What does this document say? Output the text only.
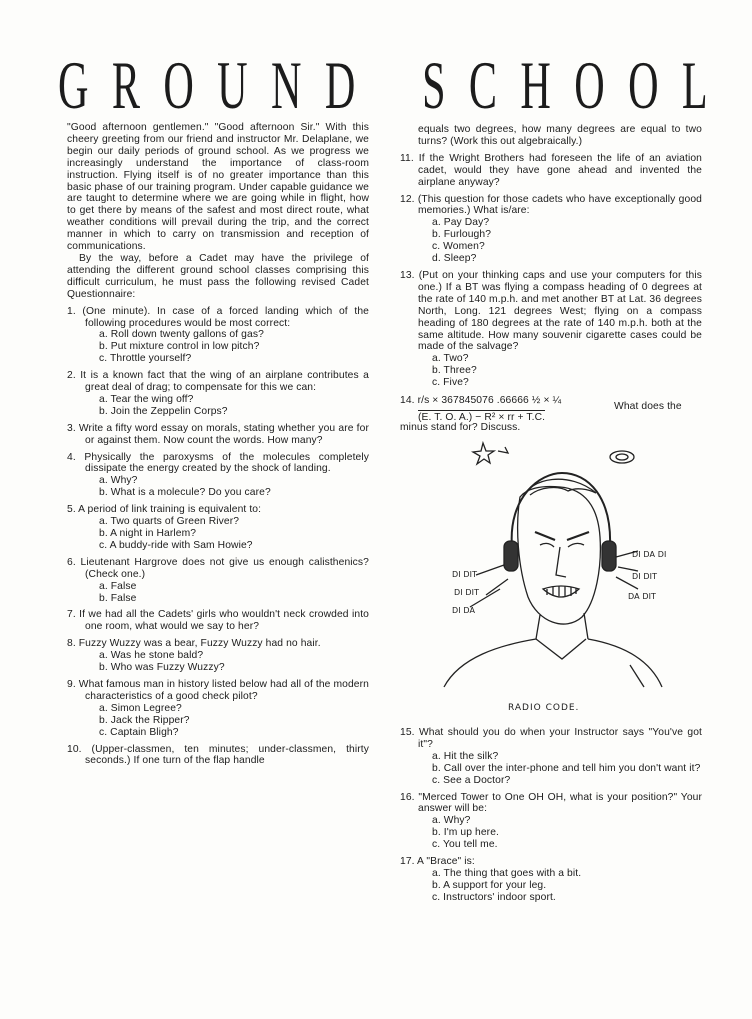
G R O U N D S C H O O L

"Good afternoon gentlemen." "Good afternoon Sir." With this cheery greeting from our friend and instructor Mr. Delaplane, we begin our daily periods of ground school. As we progress we increasingly understand the importance of class-room instruction. Flying itself is of no greater importance than this basic phase of our training program. Under capable guidance we are taught to determine where we are going while in flight, how to get there by means of the safest and most direct route, what weather conditions will prevail during the trip, and the correct manner in which to carry on transmission and reception of communications.

By the way, before a Cadet may have the privilege of attending the different ground school classes comprising this difficult curriculum, he must pass the following revised Cadet Questionnaire:

1. (One minute). In case of a forced landing which of the following procedures would be most correct:

a. Roll down twenty gallons of gas?
b. Put mixture control in low pitch?
c. Throttle yourself?

2. It is a known fact that the wing of an airplane contributes a great deal of drag; to compensate for this we can:

a. Tear the wing off?
b. Join the Zeppelin Corps?

3. Write a fifty word essay on morals, stating whether you are for or against them. Now count the words. How many?

4. Physically the paroxysms of the molecules completely dissipate the energy created by the shock of landing.

a. Why?
b. What is a molecule? Do you care?

5. A period of link training is equivalent to:

a. Two quarts of Green River?
b. A night in Harlem?
c. A buddy-ride with Sam Howie?

6. Lieutenant Hargrove does not give us enough calisthenics? (Check one.)

a. False
b. False

7. If we had all the Cadets' girls who wouldn't neck crowded into one room, what would we say to her?

8. Fuzzy Wuzzy was a bear, Fuzzy Wuzzy had no hair.

a. Was he stone bald?
b. Who was Fuzzy Wuzzy?

9. What famous man in history listed below had all of the modern characteristics of a good check pilot?

a. Simon Legree?
b. Jack the Ripper?
c. Captain Bligh?

10. (Upper-classmen, ten minutes; under-classmen, thirty seconds.) If one turn of the flap handle

equals two degrees, how many degrees are equal to two turns? (Work this out algebraically.)

11. If the Wright Brothers had foreseen the life of an aviation cadet, would they have gone ahead and invented the airplane anyway?

12. (This question for those cadets who have exceptionally good memories.) What is/are:

a. Pay Day?
b. Furlough?
c. Women?
d. Sleep?

13. (Put on your thinking caps and use your computers for this one.) If a BT was flying a compass heading of 0 degrees at the rate of 140 m.p.h. and met another BT at Lat. 36 degrees North, Long. 121 degrees West; flying on a compass heading of 180 degrees at the rate of 140 m.p.h. both at the same altitude. How many souvenir cigarette cases could be made of the salvage?

a. Two?
b. Three?
c. Five?
14. r/s × 367845076 .66666 ½ × ¼
(E. T. O. A.) − R² × rr + T.C.
What does the
minus stand for? Discuss.
DI DIT
DI DIT
DI DA
DI DA DI
DI DIT
DA DIT
RADIO CODE.

15. What should you do when your Instructor says "You've got it"?

a. Hit the silk?
b. Call over the inter-phone and tell him you don't want it?
c. See a Doctor?

16. "Merced Tower to One OH OH, what is your position?" Your answer will be:

a. Why?
b. I'm up here.
c. You tell me.

17. A "Brace" is:

a. The thing that goes with a bit.
b. A support for your leg.
c. Instructors' indoor sport.
